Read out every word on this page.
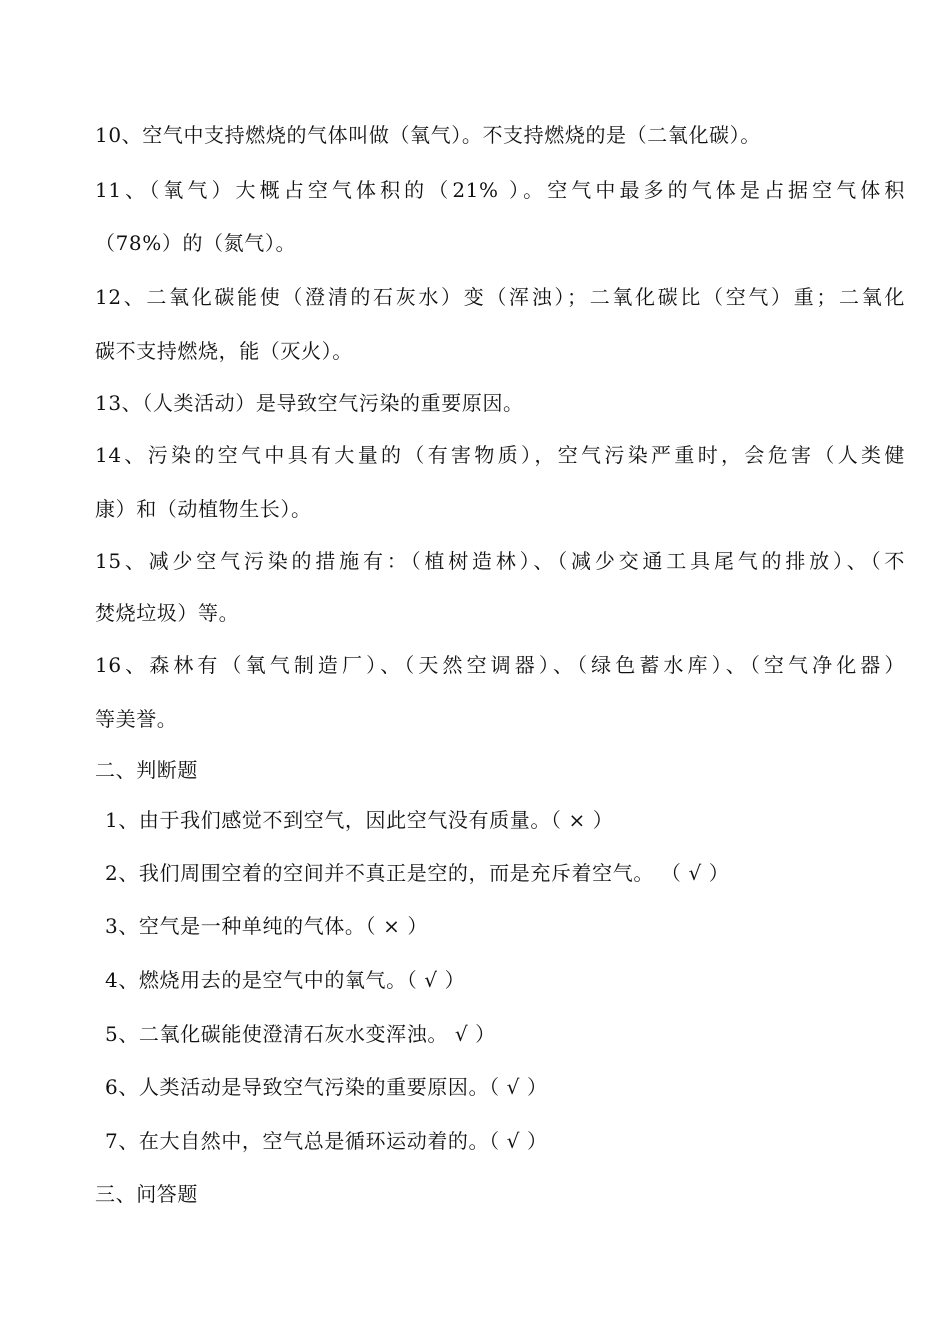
10、空气中支持燃烧的气体叫做（氧气）。不支持燃烧的是（二氧化碳）。
11、（氧气）大概占空气体积的（21% ）。空气中最多的气体是占据空气体积
（78%）的（氮气）。
12、二氧化碳能使（澄清的石灰水）变（浑浊）；二氧化碳比（空气）重；二氧化
碳不支持燃烧，能（灭火）。
13、（人类活动）是导致空气污染的重要原因。
14、污染的空气中具有大量的（有害物质），空气污染严重时，会危害（人类健
康）和（动植物生长）。
15、减少空气污染的措施有：（植树造林）、（减少交通工具尾气的排放）、（不
焚烧垃圾）等。
16、森林有（氧气制造厂）、（天然空调器）、（绿色蓄水库）、（空气净化器）
等美誉。
二、判断题
1、由于我们感觉不到空气，因此空气没有质量。（ × ）
2、我们周围空着的空间并不真正是空的，而是充斥着空气。 （ √ ）
3、空气是一种单纯的气体。（ × ）
4、燃烧用去的是空气中的氧气。（ √ ）
5、二氧化碳能使澄清石灰水变浑浊。 √ ）
6、人类活动是导致空气污染的重要原因。（ √ ）
7、在大自然中，空气总是循环运动着的。（ √ ）
三、问答题
